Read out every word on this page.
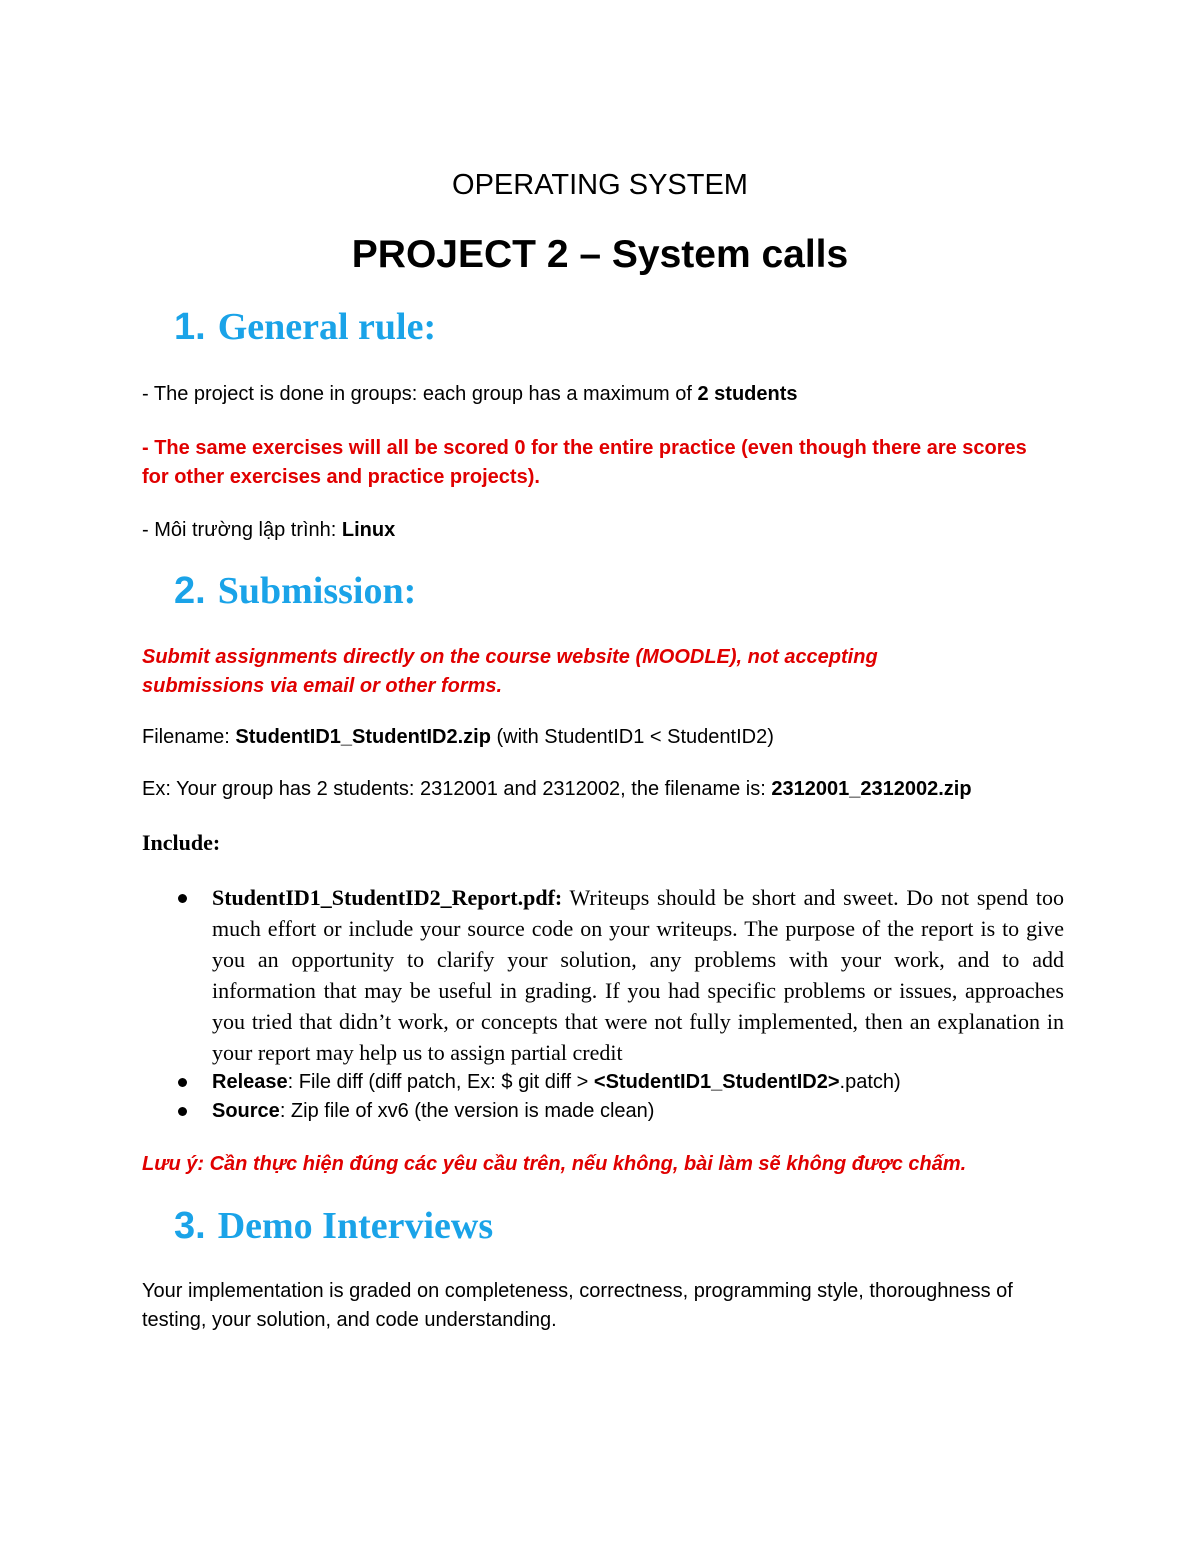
OPERATING SYSTEM

PROJECT 2 – System calls

1. General rule:

- The project is done in groups: each group has a maximum of 2 students

- The same exercises will all be scored 0 for the entire practice (even though there are scores for other exercises and practice projects).

- Môi trường lập trình: Linux

2. Submission:

Submit assignments directly on the course website (MOODLE), not accepting submissions via email or other forms.

Filename: StudentID1_StudentID2.zip (with StudentID1 < StudentID2)

Ex: Your group has 2 students: 2312001 and 2312002, the filename is: 2312001_2312002.zip

Include:

StudentID1_StudentID2_Report.pdf: Writeups should be short and sweet. Do not spend too much effort or include your source code on your writeups. The purpose of the report is to give you an opportunity to clarify your solution, any problems with your work, and to add information that may be useful in grading. If you had specific problems or issues, approaches you tried that didn’t work, or concepts that were not fully implemented, then an explanation in your report may help us to assign partial credit
Release: File diff (diff patch, Ex: $ git diff > <StudentID1_StudentID2>.patch)
Source: Zip file of xv6 (the version is made clean)

Lưu ý: Cần thực hiện đúng các yêu cầu trên, nếu không, bài làm sẽ không được chấm.

3. Demo Interviews

Your implementation is graded on completeness, correctness, programming style, thoroughness of testing, your solution, and code understanding.
